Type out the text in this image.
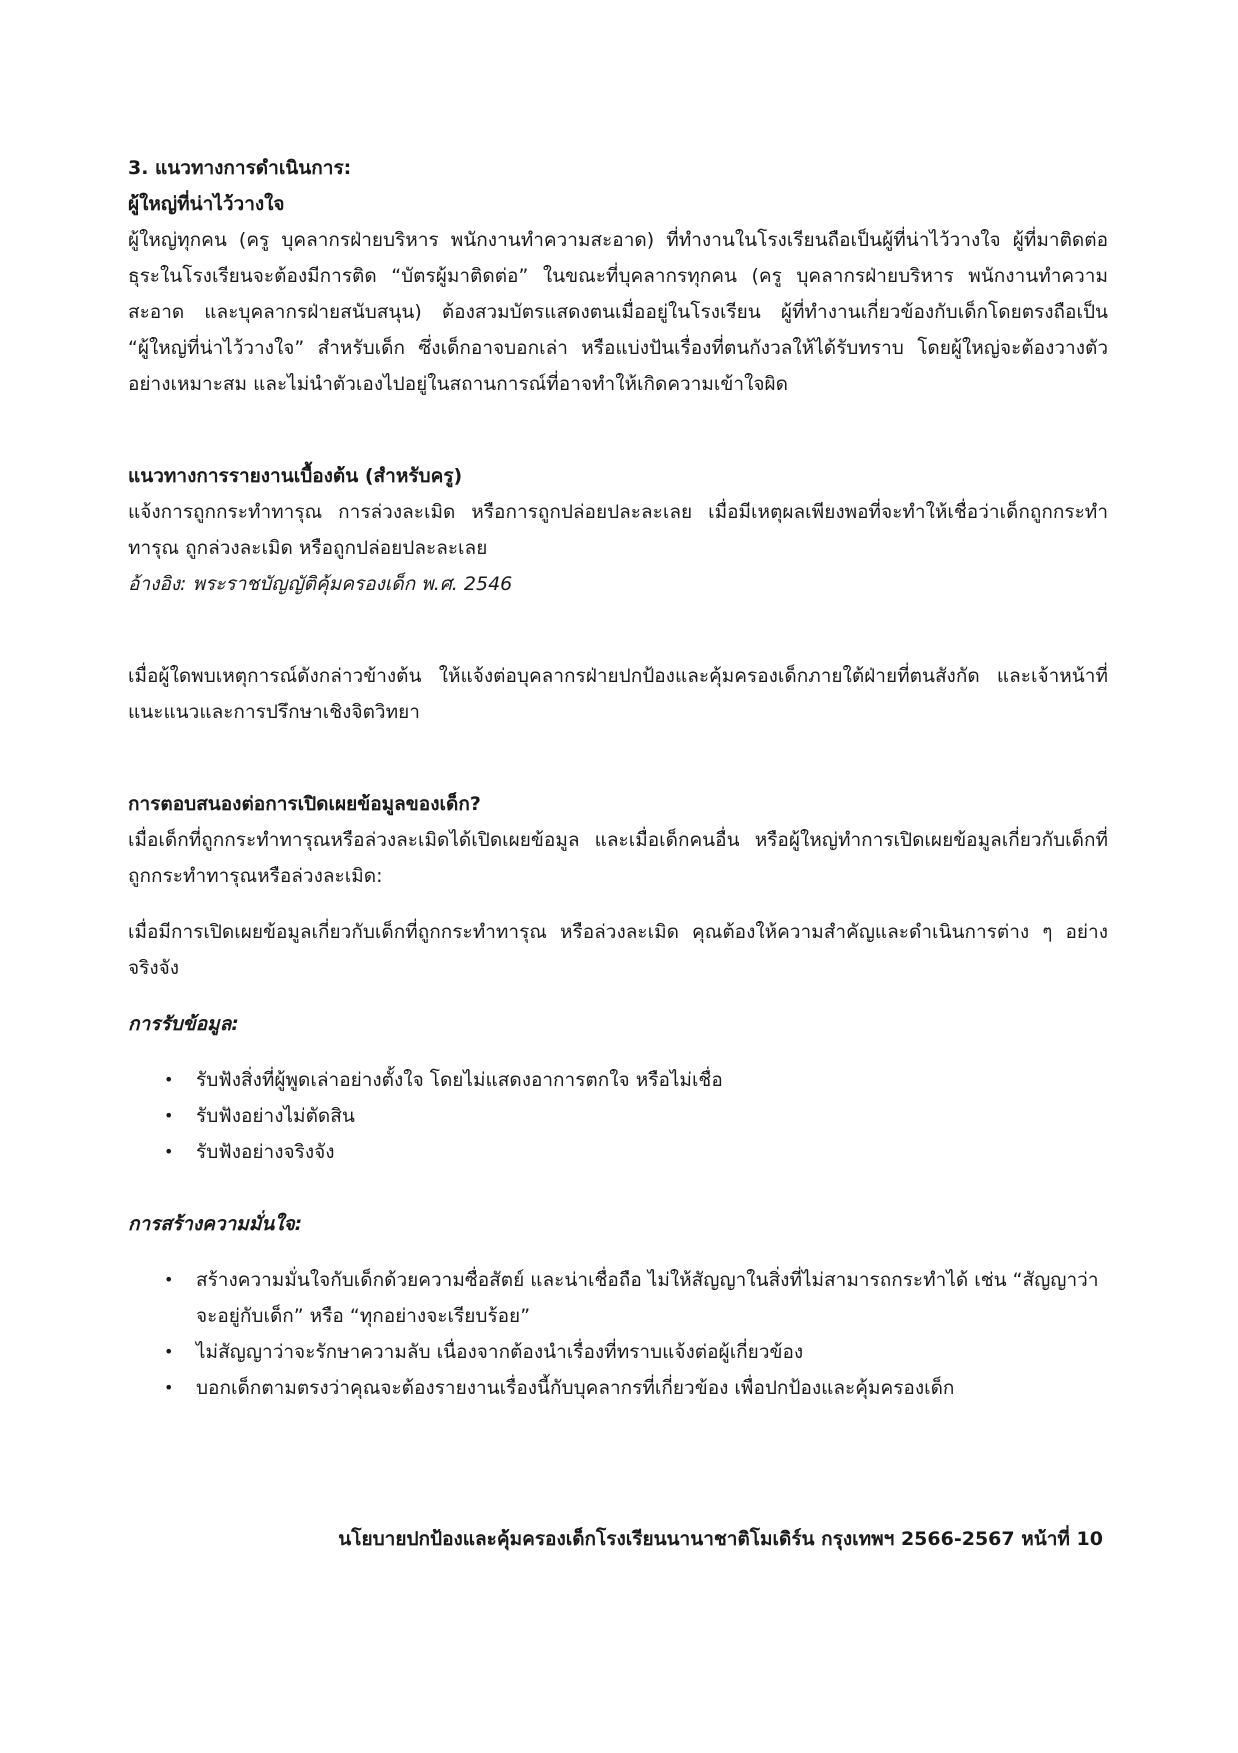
3. แนวทางการดำเนินการ:

ผู้ใหญ่ที่น่าไว้วางใจ

ผู้ใหญ่ทุกคน (ครู บุคลากรฝ่ายบริหาร พนักงานทำความสะอาด) ที่ทำงานในโรงเรียนถือเป็นผู้ที่น่าไว้วางใจ ผู้ที่มาติดต่อธุระในโรงเรียนจะต้องมีการติด “บัตรผู้มาติดต่อ” ในขณะที่บุคลากรทุกคน (ครู บุคลากรฝ่ายบริหาร พนักงานทำความสะอาด และบุคลากรฝ่ายสนับสนุน) ต้องสวมบัตรแสดงตนเมื่ออยู่ในโรงเรียน ผู้ที่ทำงานเกี่ยวข้องกับเด็กโดยตรงถือเป็น “ผู้ใหญ่ที่น่าไว้วางใจ” สำหรับเด็ก ซึ่งเด็กอาจบอกเล่า หรือแบ่งปันเรื่องที่ตนกังวลให้ได้รับทราบ โดยผู้ใหญ่จะต้องวางตัวอย่างเหมาะสม และไม่นำตัวเองไปอยู่ในสถานการณ์ที่อาจทำให้เกิดความเข้าใจผิด

แนวทางการรายงานเบื้องต้น (สำหรับครู)

แจ้งการถูกกระทำทารุณ การล่วงละเมิด หรือการถูกปล่อยปละละเลย เมื่อมีเหตุผลเพียงพอที่จะทำให้เชื่อว่าเด็กถูกกระทำทารุณ ถูกล่วงละเมิด หรือถูกปล่อยปละละเลย

อ้างอิง: พระราชบัญญัติคุ้มครองเด็ก พ.ศ. 2546

เมื่อผู้ใดพบเหตุการณ์ดังกล่าวข้างต้น ให้แจ้งต่อบุคลากรฝ่ายปกป้องและคุ้มครองเด็กภายใต้ฝ่ายที่ตนสังกัด และเจ้าหน้าที่แนะแนวและการปรึกษาเชิงจิตวิทยา

การตอบสนองต่อการเปิดเผยข้อมูลของเด็ก?

เมื่อเด็กที่ถูกกระทำทารุณหรือล่วงละเมิดได้เปิดเผยข้อมูล และเมื่อเด็กคนอื่น หรือผู้ใหญ่ทำการเปิดเผยข้อมูลเกี่ยวกับเด็กที่ถูกกระทำทารุณหรือล่วงละเมิด:

เมื่อมีการเปิดเผยข้อมูลเกี่ยวกับเด็กที่ถูกกระทำทารุณ หรือล่วงละเมิด คุณต้องให้ความสำคัญและดำเนินการต่าง ๆ อย่างจริงจัง

การรับข้อมูล:

• รับฟังสิ่งที่ผู้พูดเล่าอย่างตั้งใจ โดยไม่แสดงอาการตกใจ หรือไม่เชื่อ
• รับฟังอย่างไม่ตัดสิน
• รับฟังอย่างจริงจัง

การสร้างความมั่นใจ:

• สร้างความมั่นใจกับเด็กด้วยความซื่อสัตย์ และน่าเชื่อถือ ไม่ให้สัญญาในสิ่งที่ไม่สามารถกระทำได้ เช่น “สัญญาว่าจะอยู่กับเด็ก” หรือ “ทุกอย่างจะเรียบร้อย”
• ไม่สัญญาว่าจะรักษาความลับ เนื่องจากต้องนำเรื่องที่ทราบแจ้งต่อผู้เกี่ยวข้อง
• บอกเด็กตามตรงว่าคุณจะต้องรายงานเรื่องนี้กับบุคลากรที่เกี่ยวข้อง เพื่อปกป้องและคุ้มครองเด็ก
นโยบายปกป้องและคุ้มครองเด็กโรงเรียนนานาชาติโมเดิร์น กรุงเทพฯ 2566-2567 หน้าที่ 10
